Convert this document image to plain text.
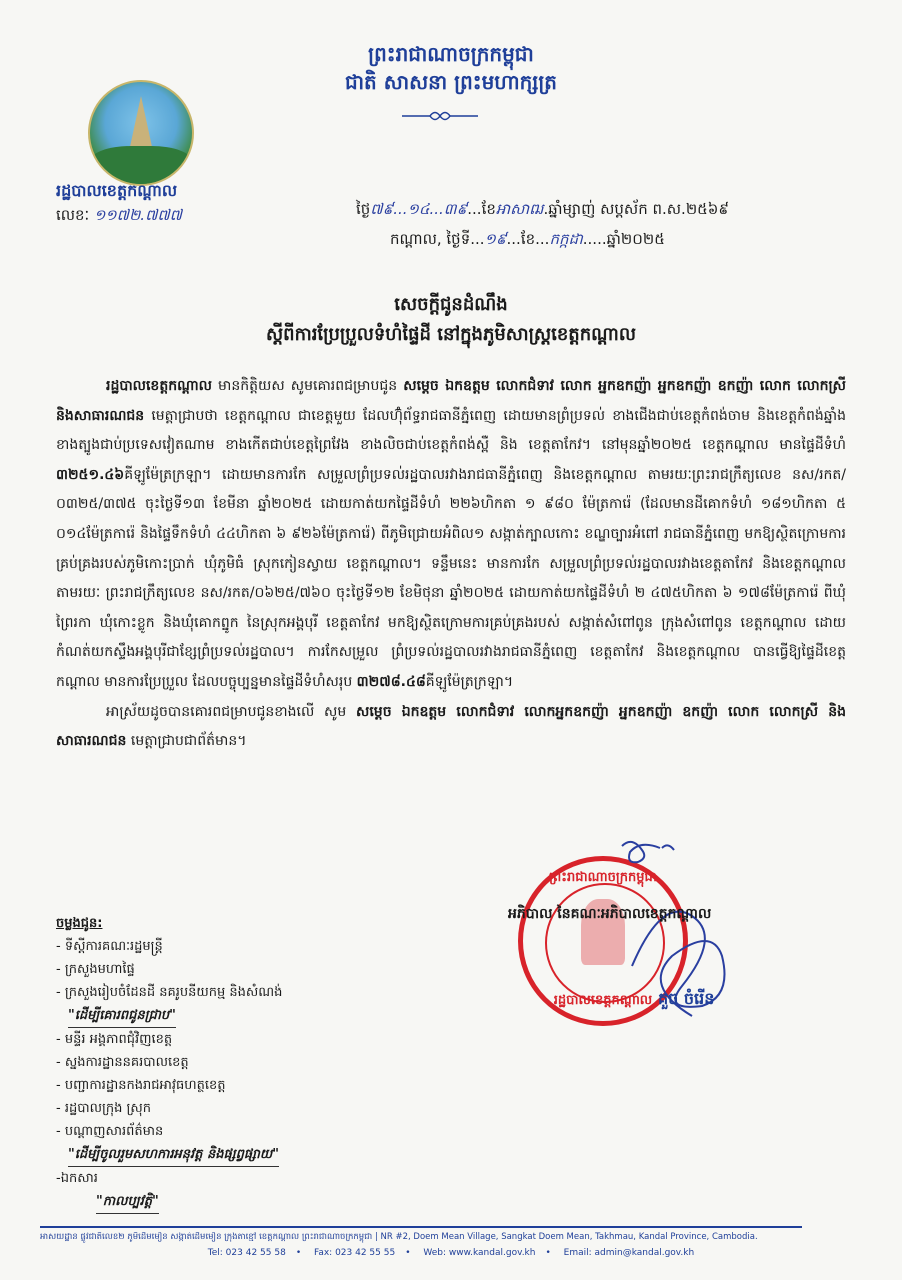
ព្រះរាជាណាចក្រកម្ពុជា
ជាតិ សាសនា ព្រះមហាក្សត្រ
រដ្ឋបាលខេត្តកណ្តាល
លេខៈ ១១៧២.៧៧៧	ថ្ងៃ៧៩...១៤...៣៩...ខែអាសាឍ.ឆ្នាំម្សាញ់ សប្តស័ក ព.ស.២៥៦៩
កណ្តាល, ថ្ងៃទី...១៩...ខែ...កក្កដា.....ឆ្នាំ២០២៥
សេចក្តីជូនដំណឹង
ស្តីពីការប្រែប្រួលទំហំផ្ទៃដី នៅក្នុងភូមិសាស្ត្រខេត្តកណ្តាល

រដ្ឋបាលខេត្តកណ្តាល មានកិត្តិយស សូមគោរពជម្រាបជូន សម្តេច ឯកឧត្តម លោកជំទាវ លោក អ្នកឧកញ៉ា អ្នកឧកញ៉ា ឧកញ៉ា លោក លោកស្រី និងសាធារណជន មេត្តាជ្រាបថា ខេត្តកណ្តាល ជាខេត្តមួយ ដែលហ៊ុំព័ទ្ធរាជធានីភ្នំពេញ ដោយមានព្រំប្រទល់ ខាងជើងជាប់ខេត្តកំពង់ចាម និងខេត្តកំពង់ឆ្នាំង ខាងត្បូងជាប់ប្រទេសវៀតណាម ខាងកើតជាប់ខេត្តព្រៃវែង ខាងលិចជាប់ខេត្តកំពង់ស្ពឺ និង ខេត្តតាកែវ។ នៅមុនឆ្នាំ២០២៥ ខេត្តកណ្តាល មានផ្ទៃដីទំហំ ៣២៥១.៤៦គីឡូម៉ែត្រក្រឡា។ ដោយមានការកែ សម្រួលព្រំប្រទល់រដ្ឋបាលរវាងរាជធានីភ្នំពេញ និងខេត្តកណ្តាល តាមរយៈព្រះរាជក្រឹត្យលេខ នស/រកត/០៣២៥/៣៧៥ ចុះថ្ងៃទី១៣ ខែមីនា ឆ្នាំ២០២៥ ដោយកាត់យកផ្ទៃដីទំហំ ២២៦ហិកតា ១ ៩៨០ ម៉ែត្រការ៉េ (ដែលមានដីគោកទំហំ ១៨១ហិកតា ៥ ០១៤ម៉ែត្រការ៉េ និងផ្ទៃទឹកទំហំ ៤៤ហិកតា ៦ ៩២៦ម៉ែត្រការ៉េ) ពីភូមិជ្រោយអំពិល១ សង្កាត់ក្បាលកោះ ខណ្ឌច្បារអំពៅ រាជធានីភ្នំពេញ មកឱ្យស្ថិតក្រោមការគ្រប់គ្រងរបស់ភូមិកោះប្រាក់ ឃុំភូមិធំ ស្រុកកៀនស្វាយ ខេត្តកណ្តាល។ ទន្ទឹមនេះ មានការកែ សម្រួលព្រំប្រទល់រដ្ឋបាលរវាងខេត្តតាកែវ និងខេត្តកណ្តាល តាមរយៈ ព្រះរាជក្រឹត្យលេខ នស/រកត/០៦២៥/៧៦០ ចុះថ្ងៃទី១២ ខែមិថុនា ឆ្នាំ២០២៥ ដោយកាត់យកផ្ទៃដីទំហំ ២ ៤៧៥ហិកតា ៦ ១៧៨ម៉ែត្រការ៉េ ពីឃុំព្រៃរកា ឃុំកោះខ្លូក និងឃុំគោកព្នូក នៃស្រុកអង្គបុរី ខេត្តតាកែវ មកឱ្យស្ថិតក្រោមការគ្រប់គ្រងរបស់ សង្កាត់សំពៅពូន ក្រុងសំពៅពូន ខេត្តកណ្តាល ដោយកំណត់យកស្ទឹងអង្គបុរីជាខ្សែព្រំប្រទល់រដ្ឋបាល។ ការកែសម្រួល ព្រំប្រទល់រដ្ឋបាលរវាងរាជធានីភ្នំពេញ ខេត្តតាកែវ និងខេត្តកណ្តាល បានធ្វើឱ្យផ្ទៃដីខេត្តកណ្តាល មានការប្រែប្រួល ដែលបច្ចុប្បន្នមានផ្ទៃដីទំហំសរុប ៣២៧៨.៤៨គីឡូម៉ែត្រក្រឡា។

អាស្រ័យដូចបានគោរពជម្រាបជូនខាងលើ សូម សម្តេច ឯកឧត្តម លោកជំទាវ លោកអ្នកឧកញ៉ា អ្នកឧកញ៉ា ឧកញ៉ា លោក លោកស្រី និងសាធារណជន មេត្តាជ្រាបជាព័ត៌មាន។

ព្រះរាជាណាចក្រកម្ពុជា
រដ្ឋបាលខេត្តកណ្តាល
អភិបាល នៃគណៈអភិបាលខេត្តកណ្តាល
គួច ចំរើន
ចម្លងជូន:
- ទីស្តីការគណៈរដ្ឋមន្ត្រី
- ក្រសួងមហាផ្ទៃ
- ក្រសួងរៀបចំដែនដី នគរូបនីយកម្ម និងសំណង់
"ដើម្បីគោរពជូនជ្រាប"
- មន្ទីរ អង្គភាពជុំវិញខេត្ត
- ស្នងការដ្ឋាននគរបាលខេត្ត
- បញ្ជាការដ្ឋានកងរាជអាវុធហត្ថខេត្ត
- រដ្ឋបាលក្រុង ស្រុក
- បណ្តាញសារព័ត៌មាន
"ដើម្បីចូលរួមសហការអនុវត្ត និងផ្សព្វផ្សាយ"
-ឯកសារ
"កាលប្បវត្តិ"
អាសយដ្ឋាន ផ្លូវជាតិលេខ២ ភូមិដើមមៀន សង្កាត់ដើមមៀន ក្រុងតាខ្មៅ ខេត្តកណ្តាល ព្រះរាជាណាចក្រកម្ពុជា | NR #2, Doem Mean Village, Sangkat Doem Mean, Takhmau, Kandal Province, Cambodia.
Tel: 023 42 55 58 • Fax: 023 42 55 55 • Web: www.kandal.gov.kh • Email: admin@kandal.gov.kh
